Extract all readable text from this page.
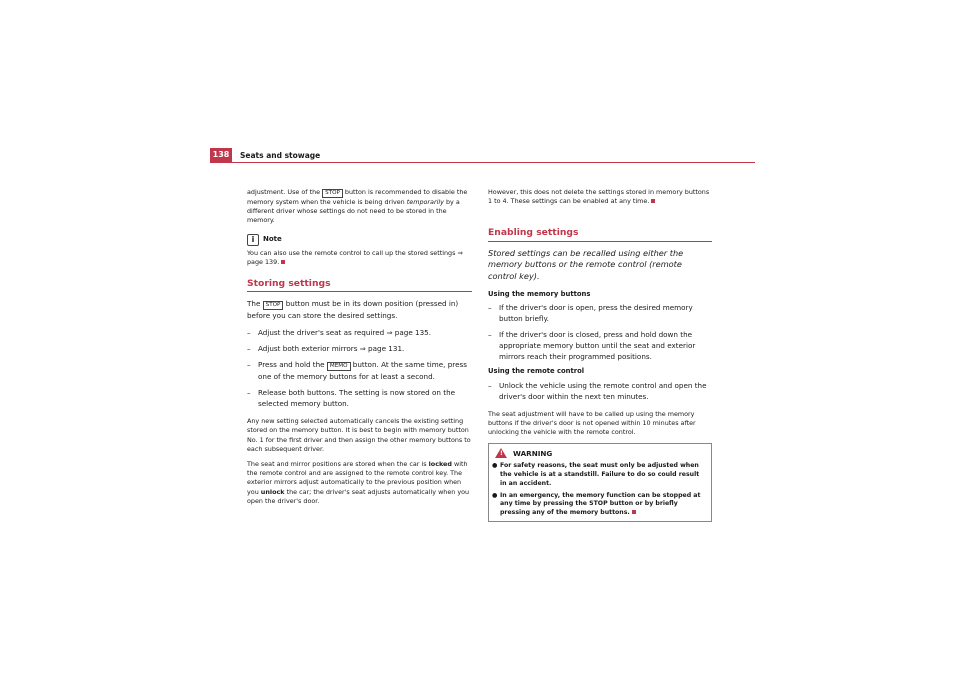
138	Seats and stowage

adjustment. Use of the STOP button is recommended to disable the memory system when the vehicle is being driven temporarily by a different driver whose settings do not need to be stored in the memory.

i	Note

You can also use the remote control to call up the stored settings ⇒ page 139.

Storing settings

The STOP button must be in its down position (pressed in) before you can store the desired settings.

–	Adjust the driver's seat as required ⇒ page 135.
–	Adjust both exterior mirrors ⇒ page 131.
–	Press and hold the MEMO button. At the same time, press one of the memory buttons for at least a second.
–	Release both buttons. The setting is now stored on the selected memory button.

Any new setting selected automatically cancels the existing setting stored on the memory button. It is best to begin with memory button No. 1 for the first driver and then assign the other memory buttons to each subsequent driver.

The seat and mirror positions are stored when the car is locked with the remote control and are assigned to the remote control key. The exterior mirrors adjust automatically to the previous position when you unlock the car; the driver's seat adjusts automatically when you open the driver's door.

However, this does not delete the settings stored in memory buttons 1 to 4. These settings can be enabled at any time.

Enabling settings
Stored settings can be recalled using either the memory buttons or the remote control (remote control key).
Using the memory buttons
–	If the driver's door is open, press the desired memory button briefly.
–	If the driver's door is closed, press and hold down the appropriate memory button until the seat and exterior mirrors reach their programmed positions.
Using the remote control
–	Unlock the vehicle using the remote control and open the driver's door within the next ten minutes.

The seat adjustment will have to be called up using the memory buttons if the driver's door is not opened within 10 minutes after unlocking the vehicle with the remote control.

! WARNING
● For safety reasons, the seat must only be adjusted when the vehicle is at a standstill. Failure to do so could result in an accident.
● In an emergency, the memory function can be stopped at any time by pressing the STOP button or by briefly pressing any of the memory buttons.
